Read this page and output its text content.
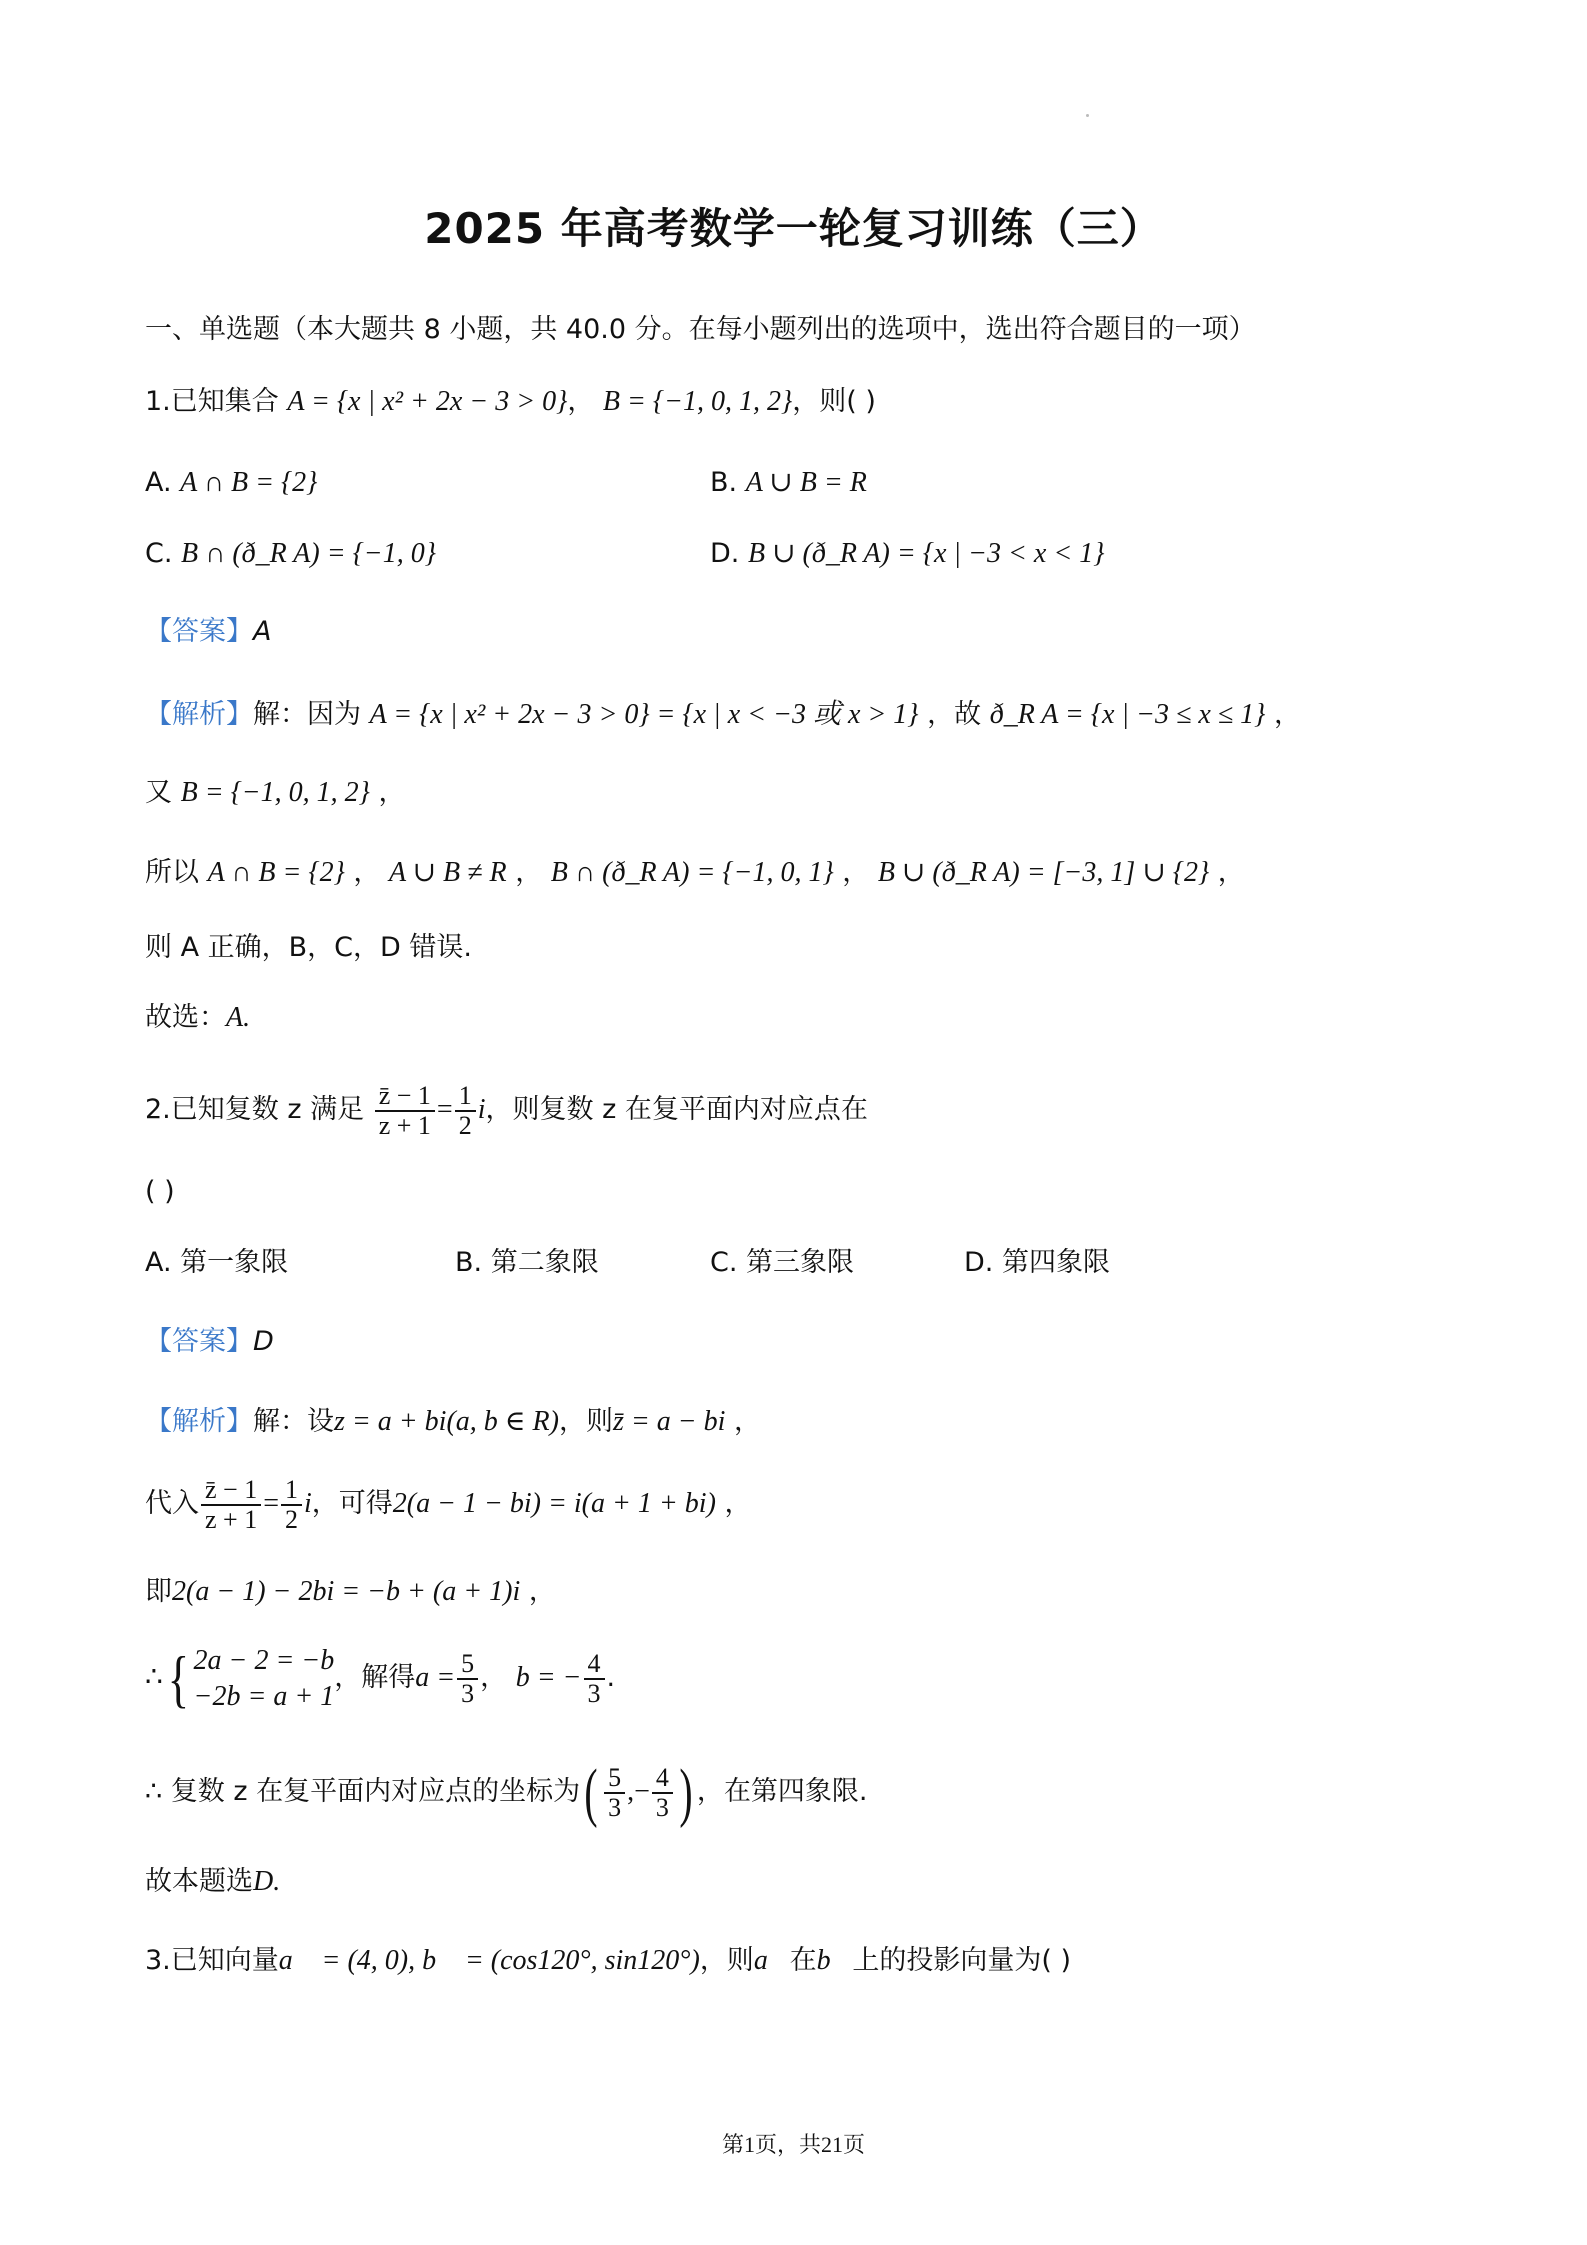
2025 年高考数学一轮复习训练（三）
一、单选题（本大题共 8 小题，共 40.0 分。在每小题列出的选项中，选出符合题目的一项）
1.已知集合 A = {x | x² + 2x − 3 > 0}， B = {−1, 0, 1, 2}，则( )
A. A ∩ B = {2}	B. A ∪ B = R
C. B ∩ (ð_R A) = {−1, 0}	D. B ∪ (ð_R A) = {x | −3 < x < 1}
【答案】A
【解析】解：因为 A = {x | x² + 2x − 3 > 0} = {x | x < −3 或 x > 1} ，故 ð_R A = {x | −3 ≤ x ≤ 1} ，
又 B = {−1, 0, 1, 2} ，
所以 A ∩ B = {2} ， A ∪ B ≠ R ， B ∩ (ð_R A) = {−1, 0, 1} ， B ∪ (ð_R A) = [−3, 1] ∪ {2} ，
则 A 正确，B，C，D 错误.
故选：A.
2.已知复数 z 满足 $\frac{z̄ - 1}{z + 1} = \frac{1}{2}$ i，则复数 z 在复平面内对应点在
( )
A. 第一象限	B. 第二象限	C. 第三象限	D. 第四象限
【答案】D
【解析】解：设z = a + bi(a, b ∈ R)，则z̄ = a − bi ，
代入 $\frac{z̄ - 1}{z + 1} = \frac{1}{2}$ i，可得2(a − 1 − bi) = i(a + 1 + bi) ，
即2(a − 1) − 2bi = −b + (a + 1)i ，
∴{ 2a − 2 = −b
−2b = a + 1
，解得$a = \frac{5}{3}$ ， b = − $\frac{4}{3}$ .
∴ 复数 z 在复平面内对应点的坐标为( $\frac{5}{3}$ ,− $\frac{4}{3}$ ) ，在第四象限.
故本题选D.
3.已知向量a⃗ = (4, 0), b⃗ = (cos120°, sin120°)，则a⃗在b⃗上的投影向量为( )
第1页，共21页
